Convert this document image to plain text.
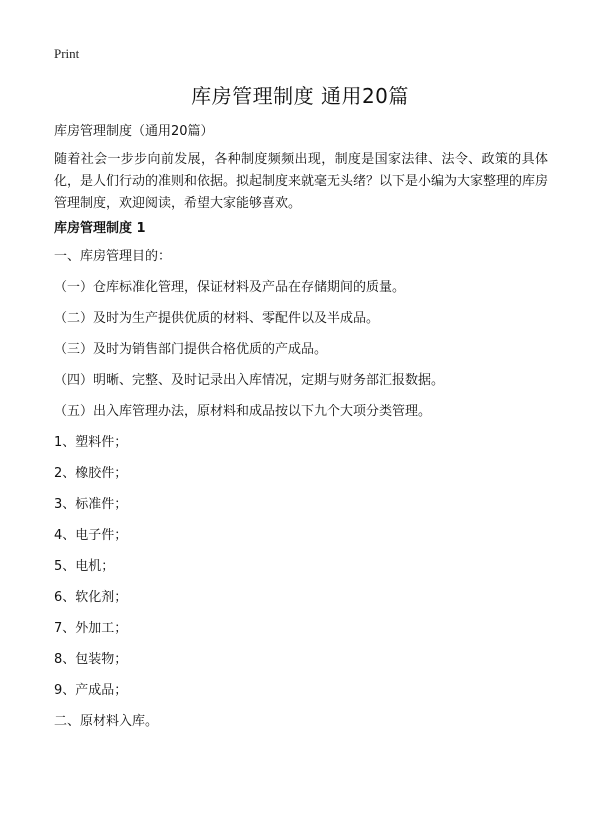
Print
库房管理制度 通用20篇
库房管理制度（通用20篇）
随着社会一步步向前发展，各种制度频频出现，制度是国家法律、法令、政策的具体化，是人们行动的准则和依据。拟起制度来就毫无头绪？以下是小编为大家整理的库房管理制度，欢迎阅读，希望大家能够喜欢。
库房管理制度 1
一、库房管理目的：
（一）仓库标准化管理，保证材料及产品在存储期间的质量。
（二）及时为生产提供优质的材料、零配件以及半成品。
（三）及时为销售部门提供合格优质的产成品。
（四）明晰、完整、及时记录出入库情况，定期与财务部汇报数据。
（五）出入库管理办法，原材料和成品按以下九个大项分类管理。
1、塑料件；
2、橡胶件；
3、标准件；
4、电子件；
5、电机；
6、软化剂；
7、外加工；
8、包装物；
9、产成品；
二、原材料入库。
